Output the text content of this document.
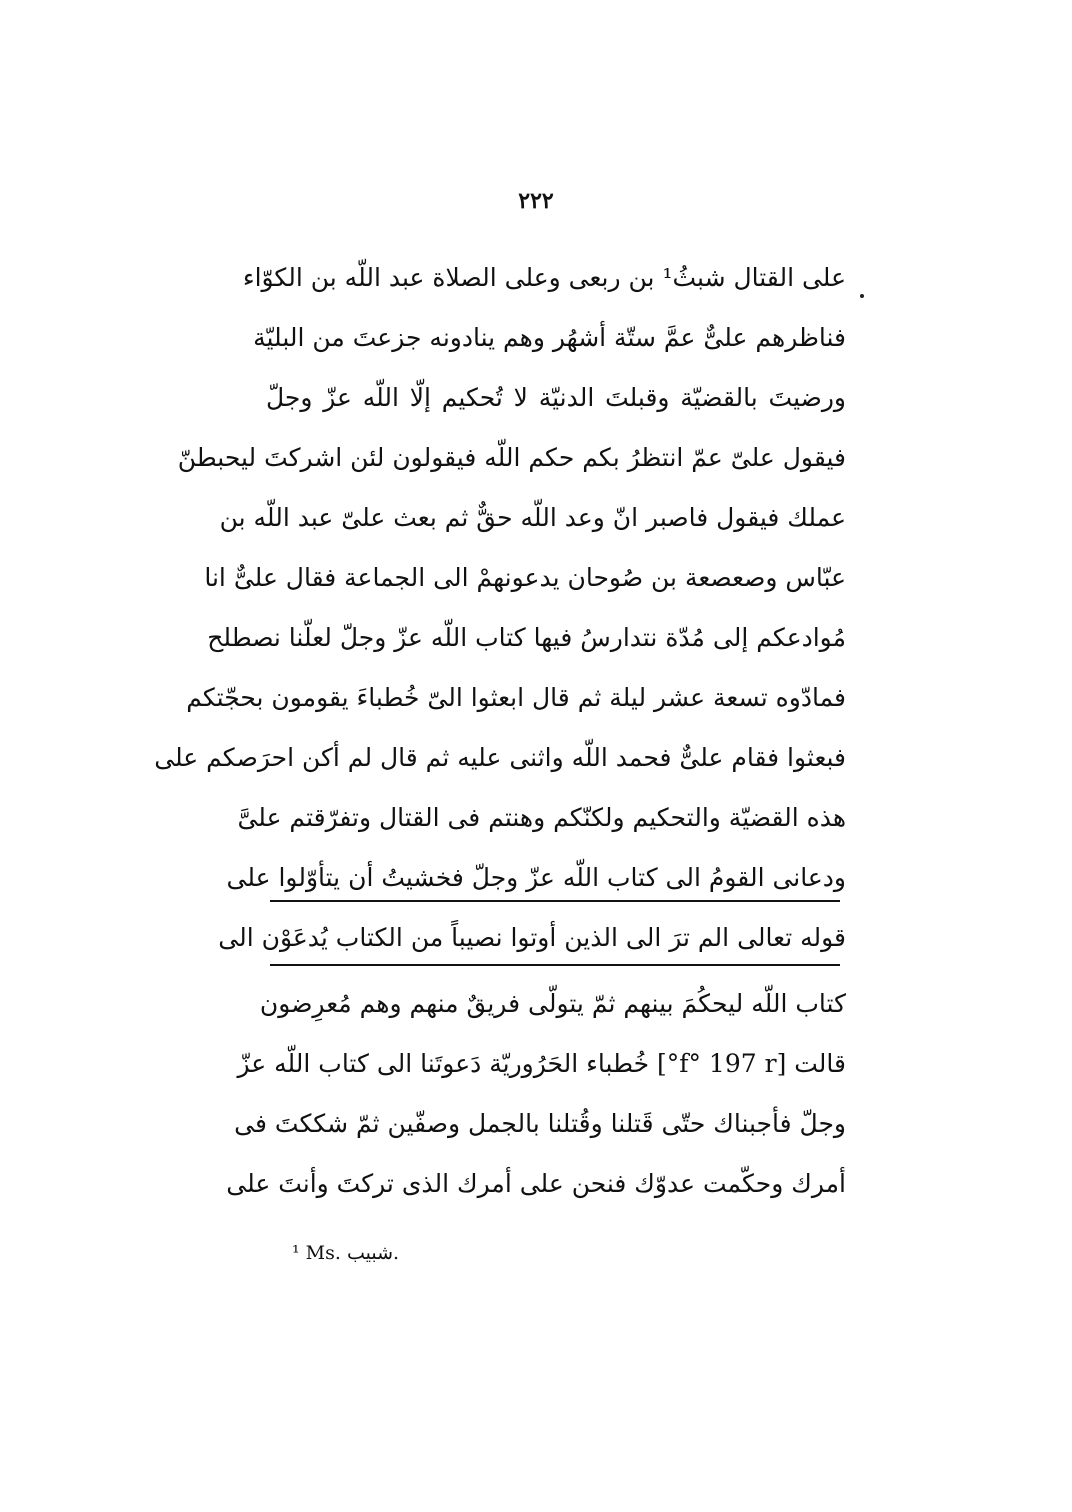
٢٢٢
على القتال شبثُ¹ بن ربعى وعلى الصلاة عبد اللّه بن الكوّاء
فناظرهم علىٌّ عمَّ ستّة أشهُر وهم ينادونه جزعتَ من البليّة
ورضيتَ بالقضيّة وقبلتَ الدنيّة لا تُحكيم إلّا اللّه عزّ وجلّ
فيقول علىّ عمّ انتظرُ بكم حكم اللّه فيقولون لئن اشركتَ ليحبطنّ
عملك فيقول فاصبر انّ وعد اللّه حقٌّ ثم بعث علىّ عبد اللّه بن
عبّاس وصعصعة بن صُوحان يدعونهمْ الى الجماعة فقال علىٌّ انا
مُوادعكم إلى مُدّة نتدارسُ فيها كتاب اللّه عزّ وجلّ لعلّنا نصطلح
فمادّوه تسعة عشر ليلة ثم قال ابعثوا الىّ خُطباءَ يقومون بحجّتكم
فبعثوا فقام علىٌّ فحمد اللّه واثنى عليه ثم قال لم أكن احرَصكم على
هذه القضيّة والتحكيم ولكنّكم وهنتم فى القتال وتفرّقتم علىَّ
ودعانى القومُ الى كتاب اللّه عزّ وجلّ فخشيتُ أن يتأوّلوا على
قوله تعالى الم ترَ الى الذين أوتوا نصيباً من الكتاب يُدعَوْن الى
كتاب اللّه ليحكُمَ بينهم ثمّ يتولّى فريقٌ منهم وهم مُعرِضون
قالت [f° 197 r°] خُطباء الحَرُوريّة دَعوتَنا الى كتاب اللّه عزّ
وجلّ فأجبناك حتّى قَتلنا وقُتلنا بالجمل وصفّين ثمّ شككتَ فى
أمرك وحكّمت عدوّك فنحن على أمرك الذى تركتَ وأنتَ على
¹ Ms. شبيب.
